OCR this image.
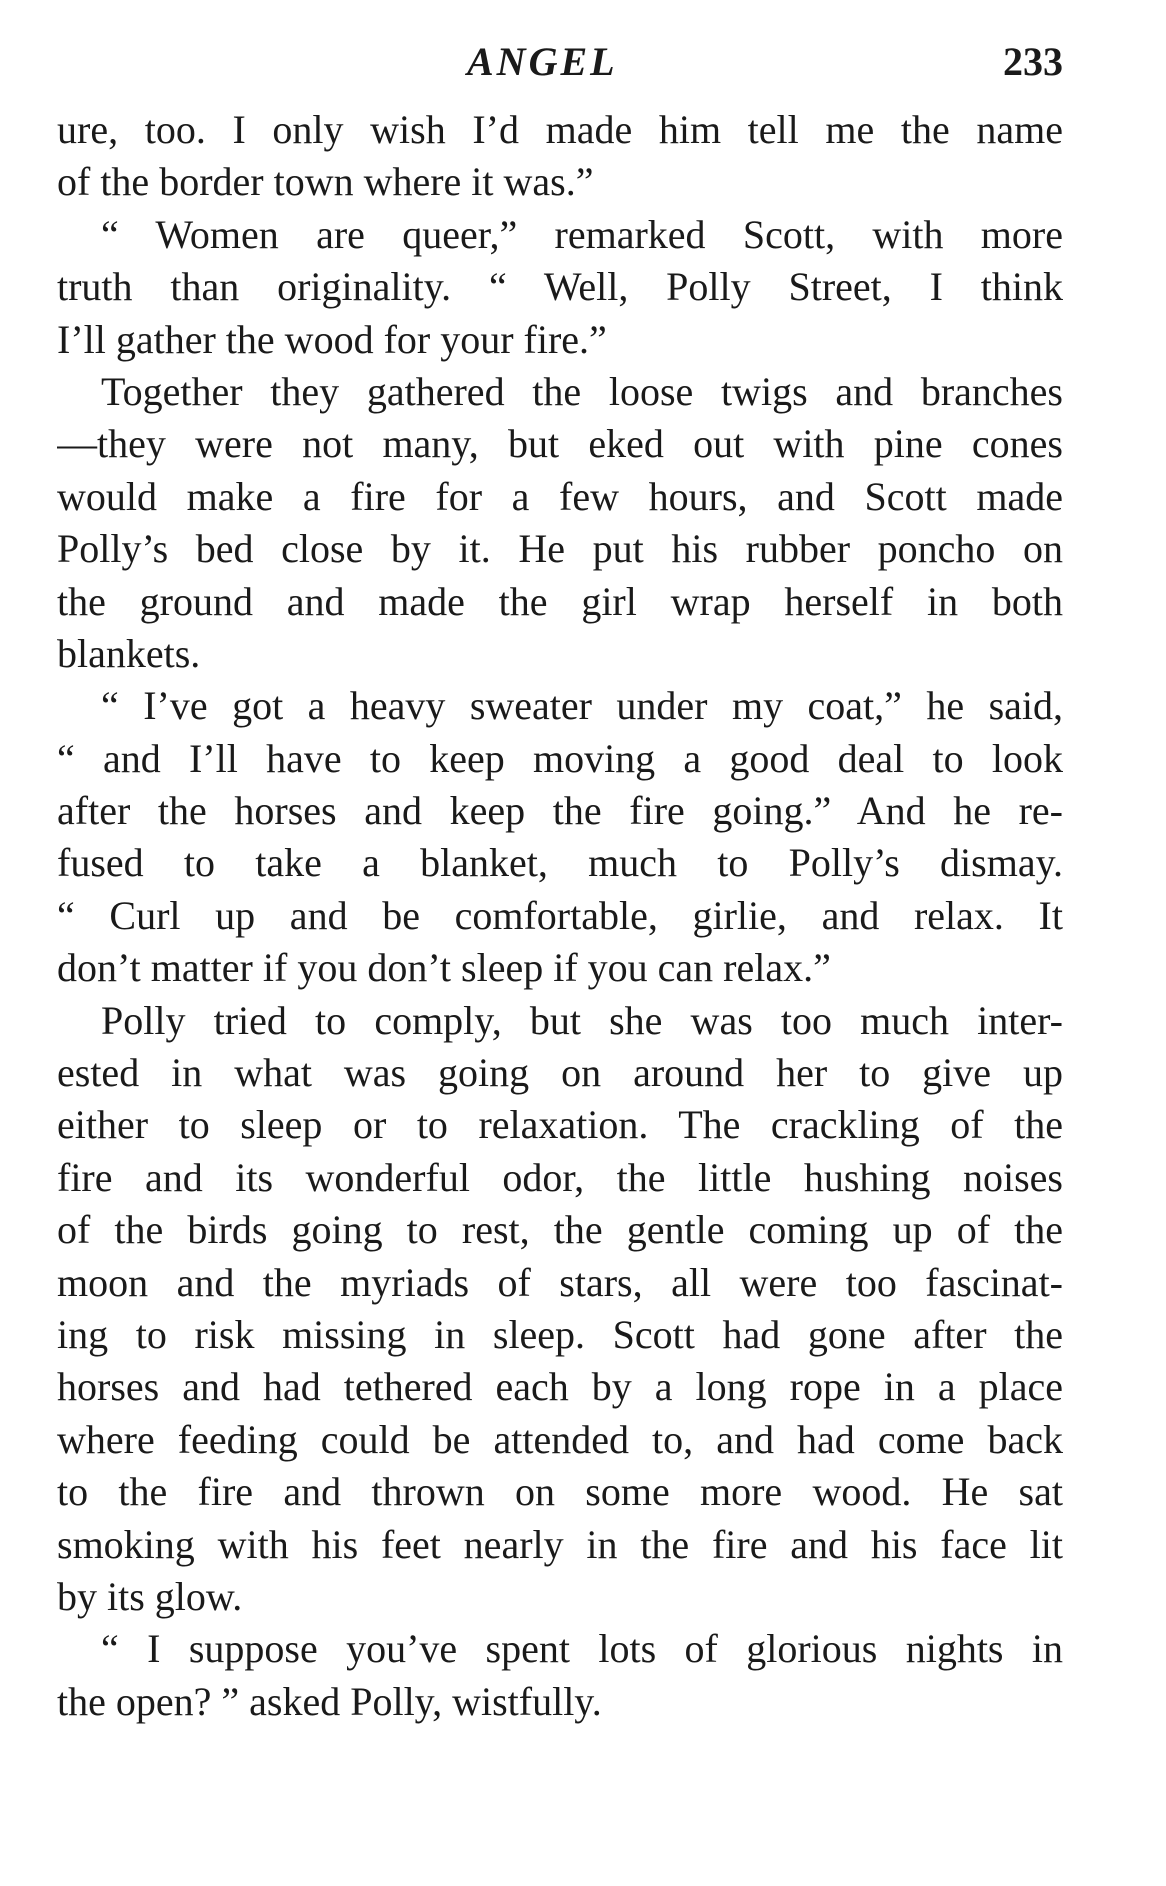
ANGEL	233
ure, too. I only wish I’d made him tell me the name
of the border town where it was.”
“ Women are queer,” remarked Scott, with more
truth than originality. “ Well, Polly Street, I think
I’ll gather the wood for your fire.”
Together they gathered the loose twigs and branches
—they were not many, but eked out with pine cones
would make a fire for a few hours, and Scott made
Polly’s bed close by it. He put his rubber poncho on
the ground and made the girl wrap herself in both
blankets.
“ I’ve got a heavy sweater under my coat,” he said,
“ and I’ll have to keep moving a good deal to look
after the horses and keep the fire going.” And he re-
fused to take a blanket, much to Polly’s dismay.
“ Curl up and be comfortable, girlie, and relax. It
don’t matter if you don’t sleep if you can relax.”
Polly tried to comply, but she was too much inter-
ested in what was going on around her to give up
either to sleep or to relaxation. The crackling of the
fire and its wonderful odor, the little hushing noises
of the birds going to rest, the gentle coming up of the
moon and the myriads of stars, all were too fascinat-
ing to risk missing in sleep. Scott had gone after the
horses and had tethered each by a long rope in a place
where feeding could be attended to, and had come back
to the fire and thrown on some more wood. He sat
smoking with his feet nearly in the fire and his face lit
by its glow.
“ I suppose you’ve spent lots of glorious nights in
the open? ” asked Polly, wistfully.
